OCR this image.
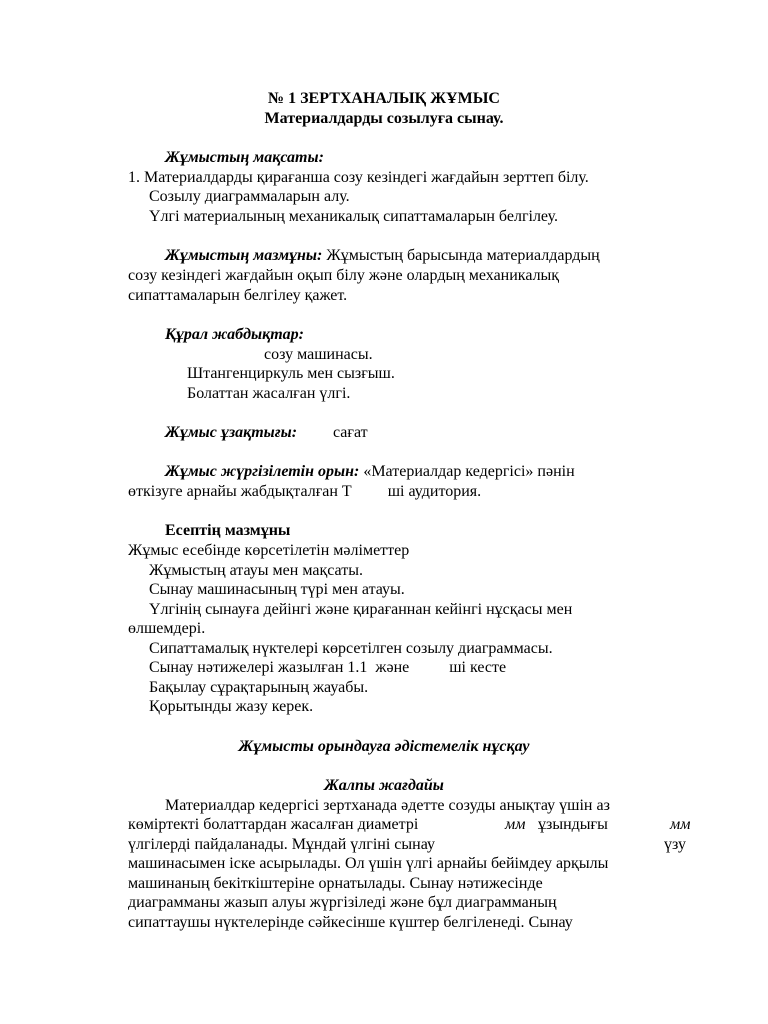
№ 1 ЗЕРТХАНАЛЫҚ ЖҰМЫС
Материалдарды созылуға сынау.
Жұмыстың мақсаты:
1. Материалдарды қирағанша созу кезіндегі жағдайын зерттеп білу.
Созылу диаграммаларын алу.
Үлгі материалының механикалық сипаттамаларын белгілеу.
Жұмыстың мазмұны: Жұмыстың барысында материалдардың
созу кезіндегі жағдайын оқып білу және олардың механикалық
сипаттамаларын белгілеу қажет.
Құрал жабдықтар:
созу машинасы.
Штангенциркуль мен сызғыш.
Болаттан жасалған үлгі.
Жұмыс ұзақтығы:	сағат
Жұмыс жүргізілетін орын: «Материалдар кедергісі» пәнін
өткізуге арнайы жабдықталған Т         ші аудитория.
Есептің мазмұны
Жұмыс есебінде көрсетілетін мәліметтер
Жұмыстың атауы мен мақсаты.
Сынау машинасының түрі мен атауы.
Үлгінің сынауға дейінгі және қирағаннан кейінгі нұсқасы мен
өлшемдері.
Сипаттамалық нүктелері көрсетілген созылу диаграммасы.
Сынау нәтижелері жазылған 1.1  және          ші кесте
Бақылау сұрақтарының жауабы.
Қорытынды жазу керек.
Жұмысты орындауға әдістемелік нұсқау
Жалпы жағдайы
Материалдар кедергісі зертханада әдетте созуды анықтау үшін аз
көміртекті болаттардан жасалған диаметрі	мм ұзындығы	мм
үлгілерді пайдаланады. Мұндай үлгіні сынау	үзу
машинасымен іске асырылады. Ол үшін үлгі арнайы бейімдеу арқылы
машинаның бекіткіштеріне орнатылады. Сынау нәтижесінде
диаграмманы жазып алуы жүргізіледі және бұл диаграмманың
сипаттаушы нүктелерінде сәйкесінше күштер белгіленеді. Сынау
